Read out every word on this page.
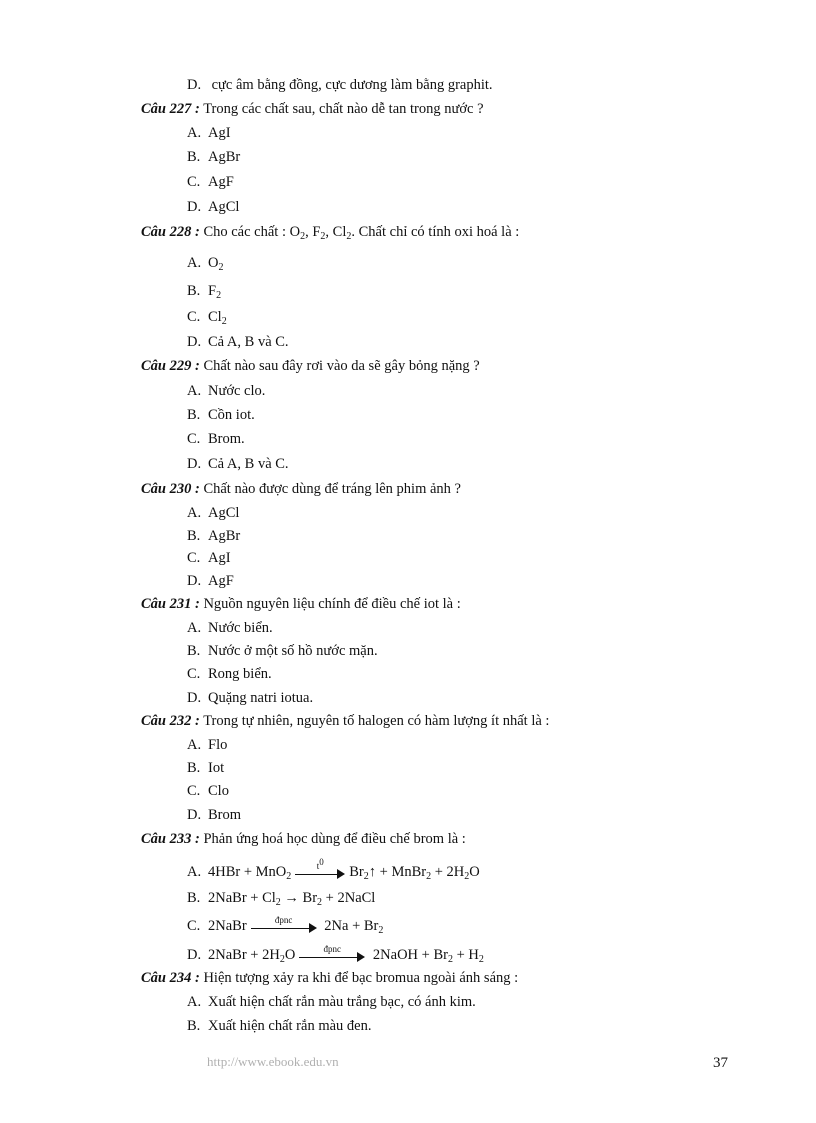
D. cực âm bằng đồng, cực dương làm bằng graphit.
Câu 227 : Trong các chất sau, chất nào dễ tan trong nước ?
A. AgI
B. AgBr
C. AgF
D. AgCl
Câu 228 : Cho các chất : $O_2$, $F_2$, $Cl_2$. Chất chỉ có tính oxi hoá là :
A. $O_2$
B. $F_2$
C. $Cl_2$
D. Cả A, B và C.
Câu 229 : Chất nào sau đây rơi vào da sẽ gây bỏng nặng ?
A. Nước clo.
B. Cồn iot.
C. Brom.
D. Cả A, B và C.
Câu 230 : Chất nào được dùng để tráng lên phim ảnh ?
A. AgCl
B. AgBr
C. AgI
D. AgF
Câu 231 : Nguồn nguyên liệu chính để điều chế iot là :
A. Nước biển.
B. Nước ở một số hồ nước mặn.
C. Rong biển.
D. Quặng natri iotua.
Câu 232 : Trong tự nhiên, nguyên tố halogen có hàm lượng ít nhất là :
A. Flo
B. Iot
C. Clo
D. Brom
Câu 233 : Phản ứng hoá học dùng để điều chế brom là :
A. 4HBr + MnO$_2$
$t^0$
$Br_2↑$ + MnBr$_2$ + $2H_2O$
B. 2NaBr + $Cl_2 \to Br_2$ + 2NaCl
C. 2NaBr	đpnc	$2Na + Br_2$
D. 2NaBr + $2H_2O$	đpnc	2NaOH + $Br_2 + H_2$
Câu 234 : Hiện tượng xảy ra khi để bạc bromua ngoài ánh sáng :
A. Xuất hiện chất rắn màu trắng bạc, có ánh kim.
B. Xuất hiện chất rắn màu đen.
http://www.ebook.edu.vn	37
